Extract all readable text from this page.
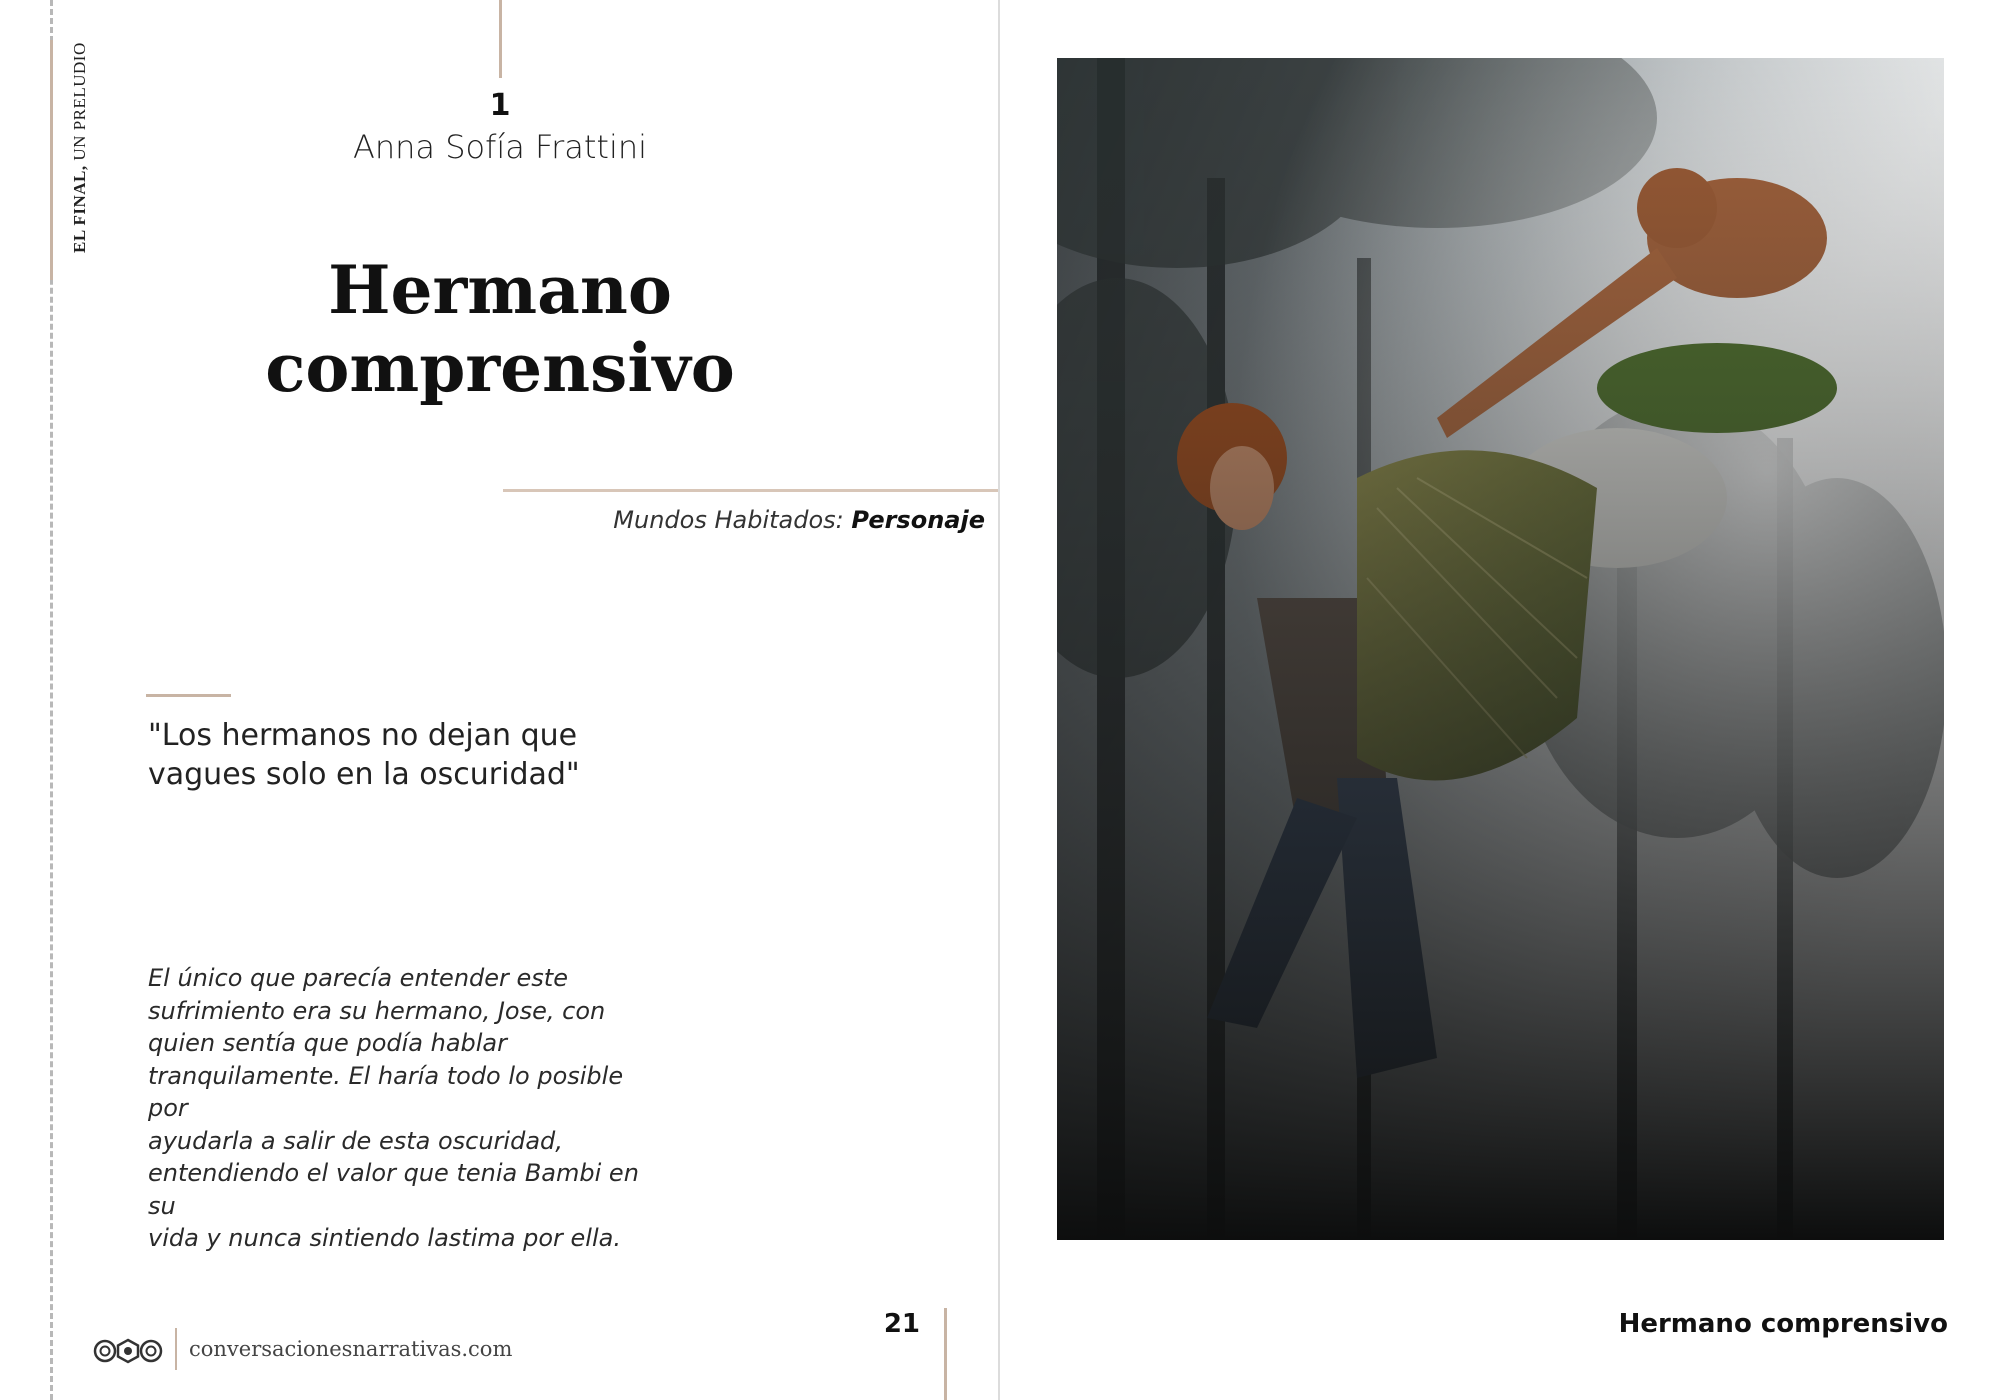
EL FINAL, UN PRELUDIO	1
Anna Sofía Frattini
Hermano
comprensivo
Mundos Habitados: Personaje
"Los hermanos no dejan que
vagues solo en la oscuridad"
El único que parecía entender este
sufrimiento era su hermano, Jose, con
quien sentía que podía hablar
tranquilamente. El haría todo lo posible por
ayudarla a salir de esta oscuridad,
entendiendo el valor que tenia Bambi en su
vida y nunca sintiendo lastima por ella.
conversacionesnarrativas.com
21	Hermano comprensivo
